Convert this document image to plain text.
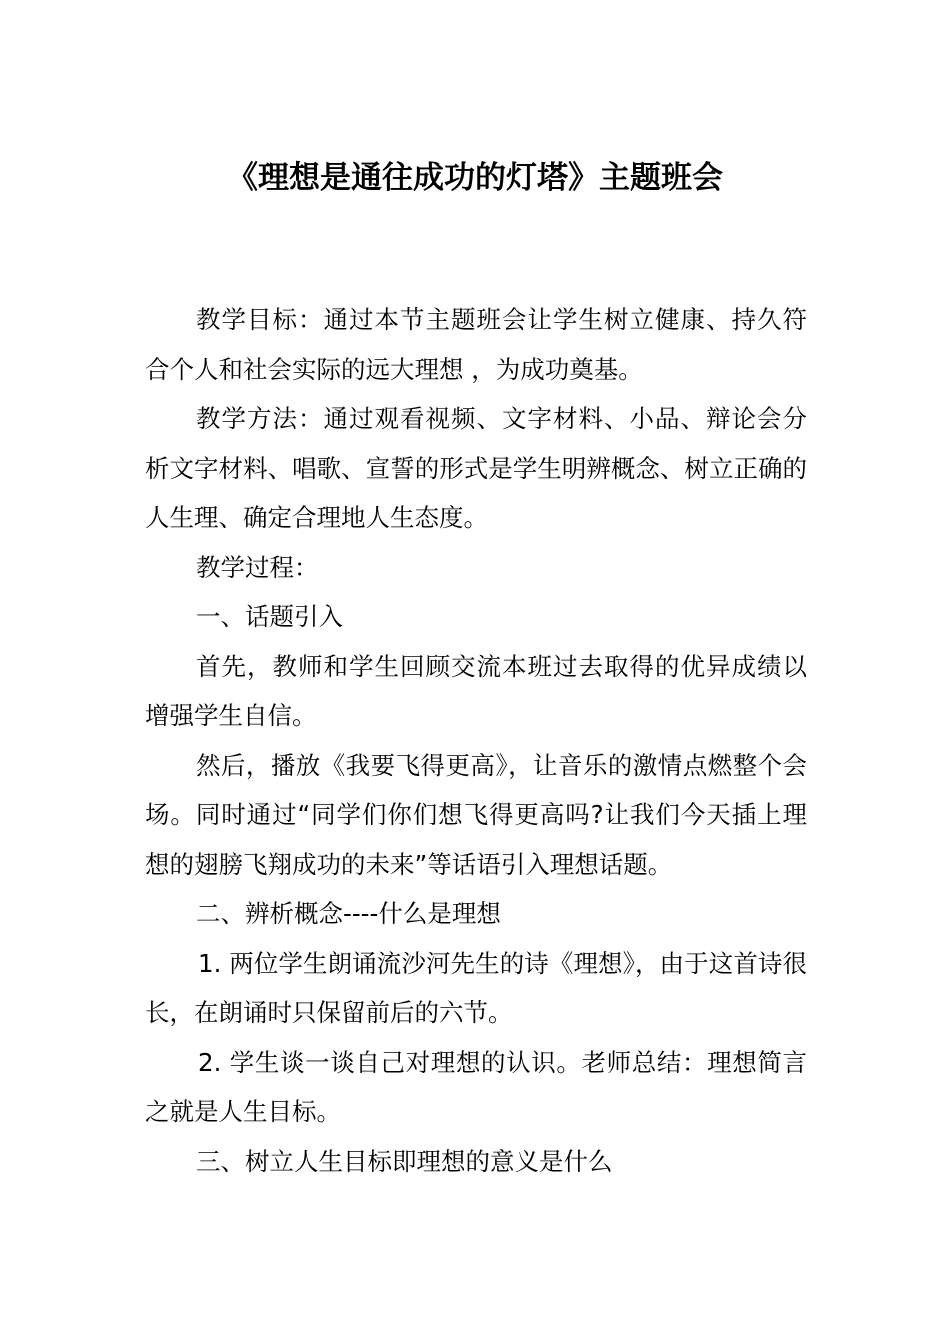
《理想是通往成功的灯塔》主题班会

教学目标：通过本节主题班会让学生树立健康、持久符合个人和社会实际的远大理想 ，为成功奠基。

教学方法：通过观看视频、文字材料、小品、辩论会分析文字材料、唱歌、宣誓的形式是学生明辨概念、树立正确的人生理、确定合理地人生态度。

教学过程：

一、话题引入

首先，教师和学生回顾交流本班过去取得的优异成绩以增强学生自信。

然后，播放《我要飞得更高》，让音乐的激情点燃整个会场。同时通过“同学们你们想飞得更高吗?让我们今天插上理想的翅膀飞翔成功的未来”等话语引入理想话题。

二、辨析概念----什么是理想

1. 两位学生朗诵流沙河先生的诗《理想》，由于这首诗很长，在朗诵时只保留前后的六节。

2. 学生谈一谈自己对理想的认识。老师总结：理想简言之就是人生目标。

三、树立人生目标即理想的意义是什么
